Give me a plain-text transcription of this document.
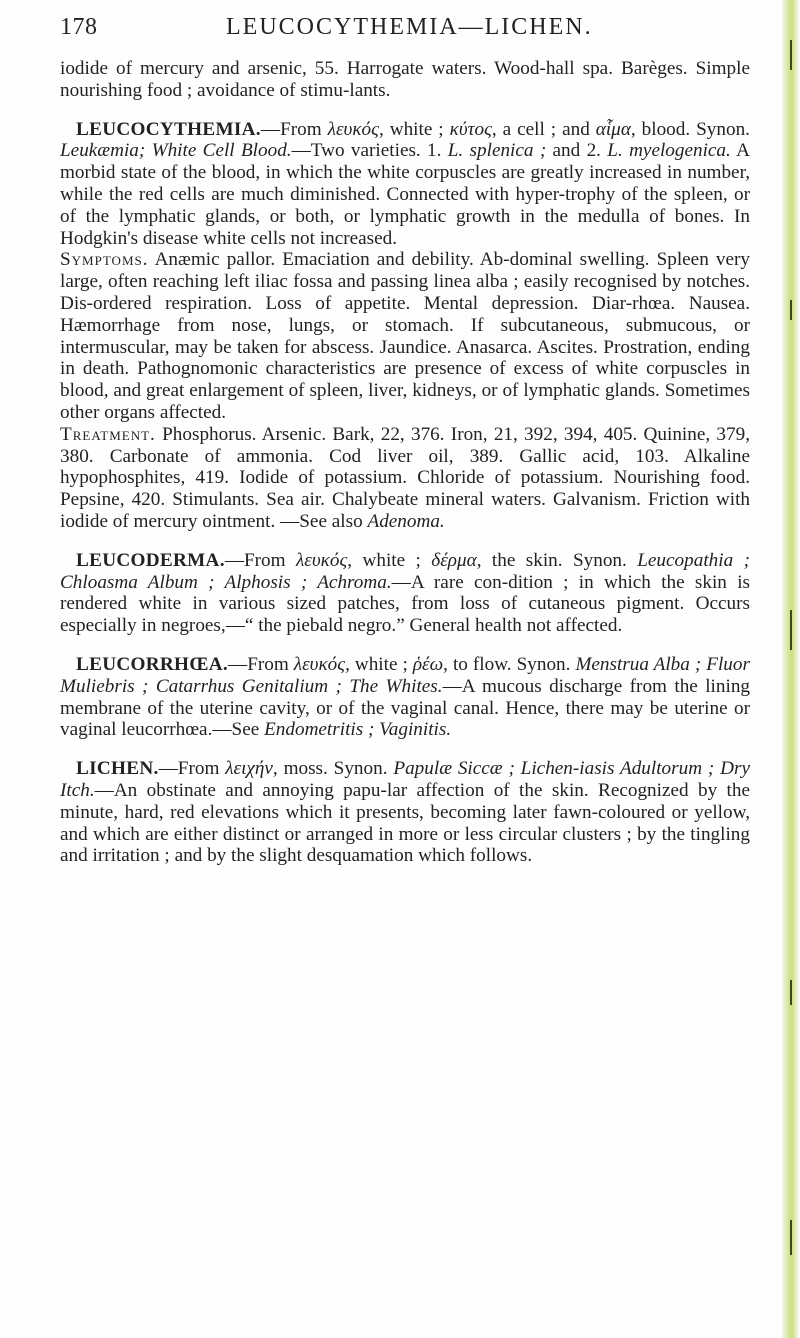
178	LEUCOCYTHEMIA—LICHEN.

iodide of mercury and arsenic, 55. Harrogate waters. Wood-hall spa. Barèges. Simple nourishing food ; avoidance of stimu-lants.

LEUCOCYTHEMIA.—From λευκός, white ; κύτος, a cell ; and αἷμα, blood. Synon. Leukæmia; White Cell Blood.—Two varieties. 1. L. splenica ; and 2. L. myelogenica. A morbid state of the blood, in which the white corpuscles are greatly increased in number, while the red cells are much diminished. Connected with hyper-trophy of the spleen, or of the lymphatic glands, or both, or lymphatic growth in the medulla of bones. In Hodgkin's disease white cells not increased.

Symptoms. Anæmic pallor. Emaciation and debility. Ab-dominal swelling. Spleen very large, often reaching left iliac fossa and passing linea alba ; easily recognised by notches. Dis-ordered respiration. Loss of appetite. Mental depression. Diar-rhœa. Nausea. Hæmorrhage from nose, lungs, or stomach. If subcutaneous, submucous, or intermuscular, may be taken for abscess. Jaundice. Anasarca. Ascites. Prostration, ending in death. Pathognomonic characteristics are presence of excess of white corpuscles in blood, and great enlargement of spleen, liver, kidneys, or of lymphatic glands. Sometimes other organs affected.

Treatment. Phosphorus. Arsenic. Bark, 22, 376. Iron, 21, 392, 394, 405. Quinine, 379, 380. Carbonate of ammonia. Cod liver oil, 389. Gallic acid, 103. Alkaline hypophosphites, 419. Iodide of potassium. Chloride of potassium. Nourishing food. Pepsine, 420. Stimulants. Sea air. Chalybeate mineral waters. Galvanism. Friction with iodide of mercury ointment. —See also Adenoma.

LEUCODERMA.—From λευκός, white ; δέρμα, the skin. Synon. Leucopathia ; Chloasma Album ; Alphosis ; Achroma.—A rare con-dition ; in which the skin is rendered white in various sized patches, from loss of cutaneous pigment. Occurs especially in negroes,—“ the piebald negro.” General health not affected.

LEUCORRHŒA.—From λευκός, white ; ῥέω, to flow. Synon. Menstrua Alba ; Fluor Muliebris ; Catarrhus Genitalium ; The Whites.—A mucous discharge from the lining membrane of the uterine cavity, or of the vaginal canal. Hence, there may be uterine or vaginal leucorrhœa.—See Endometritis ; Vaginitis.

LICHEN.—From λειχήν, moss. Synon. Papulæ Siccæ ; Lichen-iasis Adultorum ; Dry Itch.—An obstinate and annoying papu-lar affection of the skin. Recognized by the minute, hard, red elevations which it presents, becoming later fawn-coloured or yellow, and which are either distinct or arranged in more or less circular clusters ; by the tingling and irritation ; and by the slight desquamation which follows.
